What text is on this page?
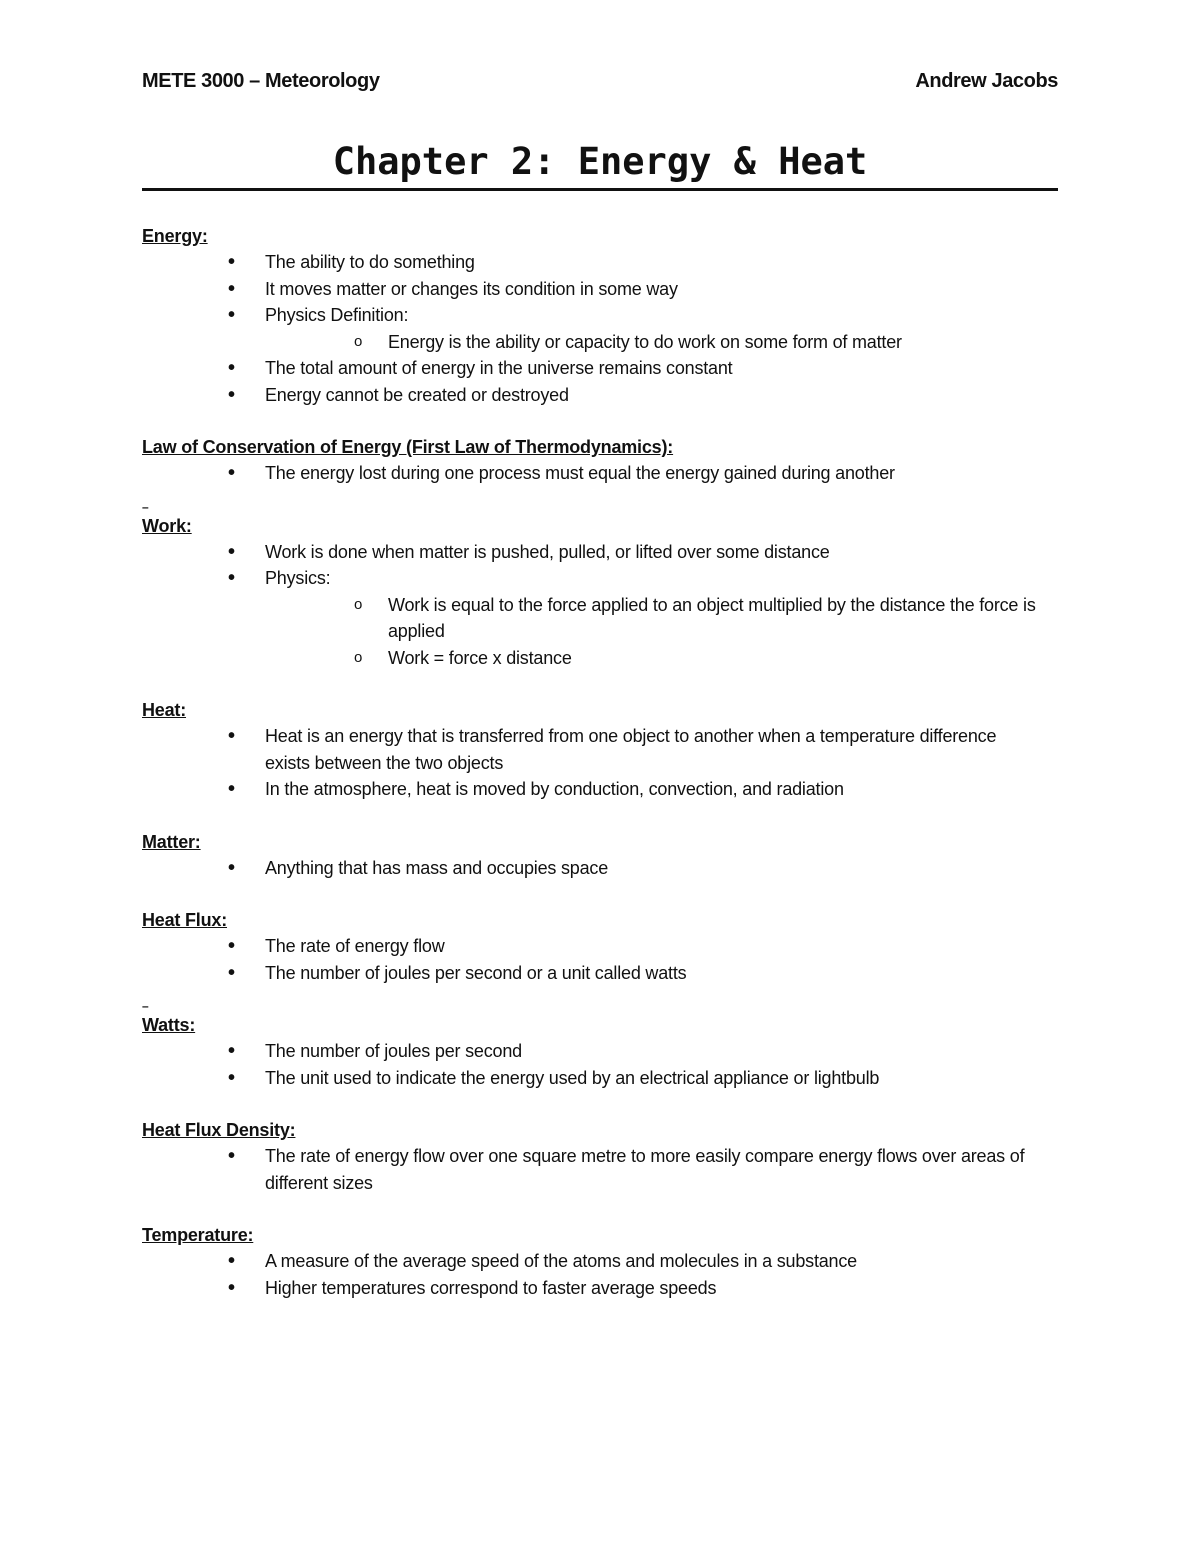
METE 3000 – Meteorology	Andrew Jacobs
Chapter 2: Energy & Heat
Energy:
• The ability to do something
• It moves matter or changes its condition in some way
• Physics Definition:
o Energy is the ability or capacity to do work on some form of matter
• The total amount of energy in the universe remains constant
• Energy cannot be created or destroyed
Law of Conservation of Energy (First Law of Thermodynamics):
• The energy lost during one process must equal the energy gained during another
–
Work:
• Work is done when matter is pushed, pulled, or lifted over some distance
• Physics:
o Work is equal to the force applied to an object multiplied by the distance the force is applied
o Work = force x distance
Heat:
• Heat is an energy that is transferred from one object to another when a temperature difference exists between the two objects
• In the atmosphere, heat is moved by conduction, convection, and radiation
Matter:
• Anything that has mass and occupies space
Heat Flux:
• The rate of energy flow
• The number of joules per second or a unit called watts
–
Watts:
• The number of joules per second
• The unit used to indicate the energy used by an electrical appliance or lightbulb
Heat Flux Density:
• The rate of energy flow over one square metre to more easily compare energy flows over areas of different sizes
Temperature:
• A measure of the average speed of the atoms and molecules in a substance
• Higher temperatures correspond to faster average speeds
